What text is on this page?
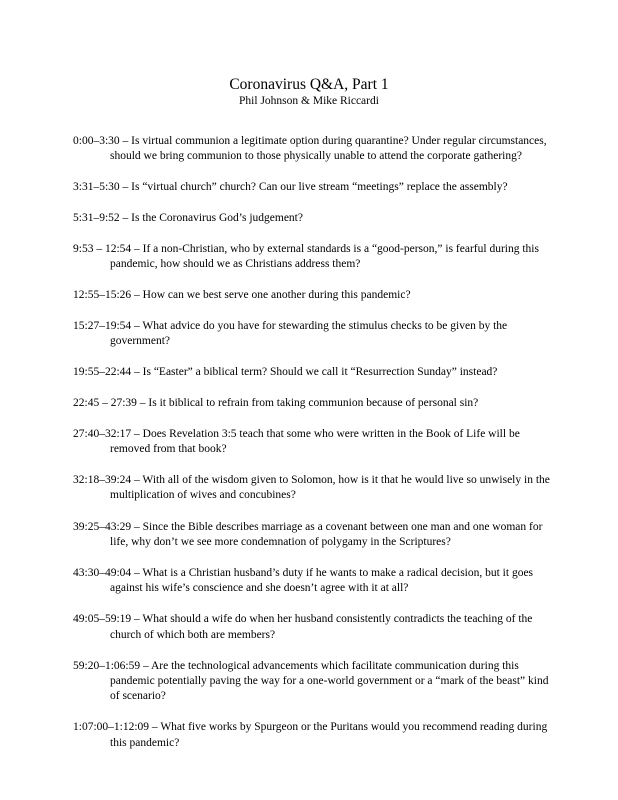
Coronavirus Q&A, Part 1
Phil Johnson & Mike Riccardi

0:00–3:30 – Is virtual communion a legitimate option during quarantine? Under regular circumstances, should we bring communion to those physically unable to attend the corporate gathering?

3:31–5:30 – Is “virtual church” church? Can our live stream “meetings” replace the assembly?

5:31–9:52 – Is the Coronavirus God’s judgement?

9:53 – 12:54 – If a non-Christian, who by external standards is a “good-person,” is fearful during this pandemic, how should we as Christians address them?

12:55–15:26 – How can we best serve one another during this pandemic?

15:27–19:54 – What advice do you have for stewarding the stimulus checks to be given by the government?

19:55–22:44 – Is “Easter” a biblical term? Should we call it “Resurrection Sunday” instead?

22:45 – 27:39 – Is it biblical to refrain from taking communion because of personal sin?

27:40–32:17 – Does Revelation 3:5 teach that some who were written in the Book of Life will be removed from that book?

32:18–39:24 – With all of the wisdom given to Solomon, how is it that he would live so unwisely in the multiplication of wives and concubines?

39:25–43:29 – Since the Bible describes marriage as a covenant between one man and one woman for life, why don’t we see more condemnation of polygamy in the Scriptures?

43:30–49:04 – What is a Christian husband’s duty if he wants to make a radical decision, but it goes against his wife’s conscience and she doesn’t agree with it at all?

49:05–59:19 – What should a wife do when her husband consistently contradicts the teaching of the church of which both are members?

59:20–1:06:59 – Are the technological advancements which facilitate communication during this pandemic potentially paving the way for a one-world government or a “mark of the beast” kind of scenario?

1:07:00–1:12:09 – What five works by Spurgeon or the Puritans would you recommend reading during this pandemic?
